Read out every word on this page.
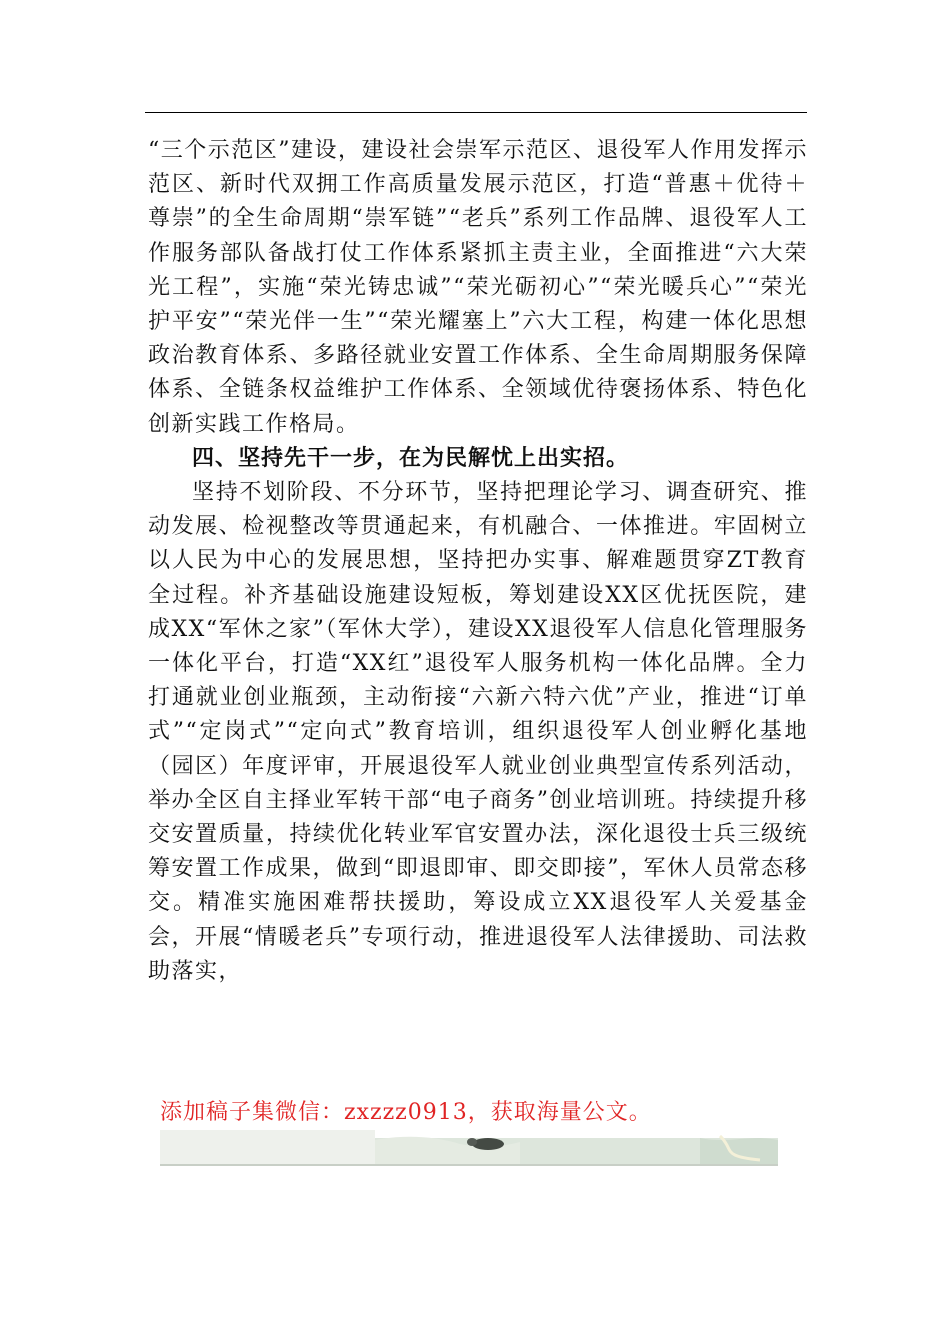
“三个示范区”建设，建设社会崇军示范区、退役军人作用发挥示范区、新时代双拥工作高质量发展示范区，打造“普惠＋优待＋尊崇”的全生命周期“崇军链”“老兵”系列工作品牌、退役军人工作服务部队备战打仗工作体系紧抓主责主业，全面推进“六大荣光工程”，实施“荣光铸忠诚”“荣光砺初心”“荣光暖兵心”“荣光护平安”“荣光伴一生”“荣光耀塞上”六大工程，构建一体化思想政治教育体系、多路径就业安置工作体系、全生命周期服务保障体系、全链条权益维护工作体系、全领域优待褒扬体系、特色化创新实践工作格局。

四、坚持先干一步，在为民解忧上出实招。

坚持不划阶段、不分环节，坚持把理论学习、调查研究、推动发展、检视整改等贯通起来，有机融合、一体推进。牢固树立以人民为中心的发展思想，坚持把办实事、解难题贯穿ZT教育全过程。补齐基础设施建设短板，筹划建设XX区优抚医院，建成XX“军休之家”（军休大学），建设XX退役军人信息化管理服务一体化平台，打造“XX红”退役军人服务机构一体化品牌。全力打通就业创业瓶颈，主动衔接“六新六特六优”产业，推进“订单式”“定岗式”“定向式”教育培训，组织退役军人创业孵化基地（园区）年度评审，开展退役军人就业创业典型宣传系列活动，举办全区自主择业军转干部“电子商务”创业培训班。持续提升移交安置质量，持续优化转业军官安置办法，深化退役士兵三级统筹安置工作成果，做到“即退即审、即交即接”，军休人员常态移交。精准实施困难帮扶援助，筹设成立XX退役军人关爱基金会，开展“情暖老兵”专项行动，推进退役军人法律援助、司法救助落实，

添加稿子集微信：zxzzz0913，获取海量公文。
